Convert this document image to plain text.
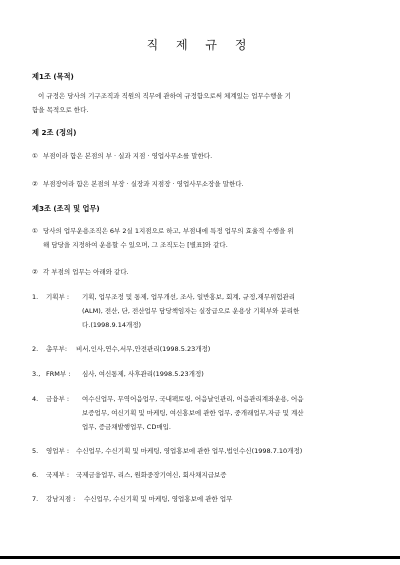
직 제 규 정
제1조 (목적)
이 규정은 당사의 기구조직과 직원의 직무에 관하여 규정함으로써 체계있는 업무수행을 기
함을 목적으로 한다.
제 2조 (정의)
① 부점이라 함은 본점의 부 · 실과 지점 · 영업사무소를 말한다.
② 부점장이라 함은 본점의 부장 · 실장과 지점장 · 영업사무소장을 말한다.
제3조 (조직 및 업무)
① 당사의 업무운용조직은 6부 2실 1지점으로 하고, 부점내에 특정 업무의 효율적 수행을 위
해 담당을 지정하여 운용할 수 있으며, 그 조직도는 [별표]와 같다.
② 각 부점의 업무는 아래와 같다.
1.	기획부 : 기획, 업무조정 및 통제, 업무개선, 조사, 일반홍보, 회계, 규정,재무위험관리
(ALM), 전산, 단, 전산업무 담당책임자는 실장급으로 운용상 기획부와 분리한
다.(1998.9.14개정)
2.	총무부: 비서,인사,연수,서무,안전관리(1998.5.23개정)
3., FRM부 : 심사, 여신통제, 사후관리(1998.5.23개정)
4.	금융부 : 여수신업무, 무역어음업무, 국내팩토링, 어음날인관리, 어음관리계좌운용, 어음
보증업무, 여신기획 및 마케팅, 여신홍보에 관한 업무, 중개래업무,자금 및 계산
업무, 증금채발행업무, CD매입.
5.	영업부 : 수신업무, 수신기획 및 마케팅, 영업홍보에 관한 업무,법인수신(1998.7.10개정)
6.	국제부 : 국제금융업무, 리스, 원화중장기여신, 회사채지급보증
7.	강남지점 : 수신업무, 수신기획 및 마케팅, 영업홍보에 관한 업무
